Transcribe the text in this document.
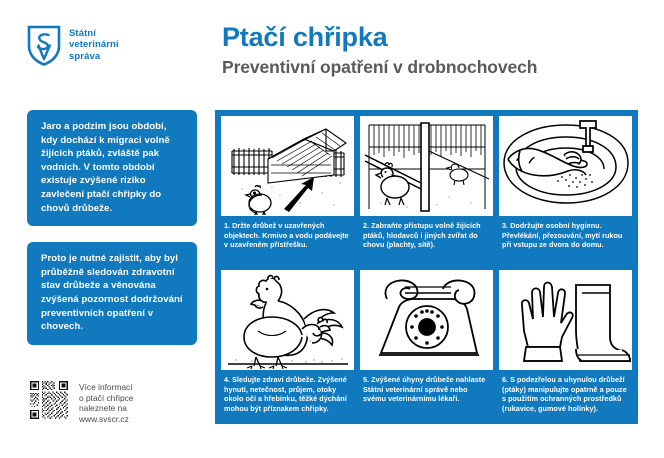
Státní
veterinární
správa

Ptačí chřipka

Preventivní opatření v drobnochovech

Jaro a podzim jsou období, kdy dochází k migraci volně žijících ptáků, zvláště pak vodních. V tomto období existuje zvýšené riziko zavlečení ptačí chřipky do chovů drůbeže.
Proto je nutné zajistit, aby byl průběžně sledován zdravotní stav drůbeže a věnována zvýšená pozornost dodržování preventivních opatření v chovech.
Více informací
o ptačí chřipce
naleznete na
www.svscr.cz
1. Držte drůbež v uzavřených objektech. Krmivo a vodu podávejte v uzavřeném přístřešku.
2. Zabraňte přístupu volně žijících ptáků, hlodavců i jiných zvířat do chovu (plachty, sítě).
3. Dodržujte osobní hygienu. Převlékání, přezouvání, mytí rukou při vstupu ze dvora do domu.
4. Sledujte zdraví drůbeže. Zvýšené hynutí, netečnost, průjem, otoky okolo očí a hřebínku, těžké dýchání mohou být příznakem chřipky.
5. Zvýšené úhyny drůbeže nahlaste Státní veterinární správě nebo svému veterinárnímu lékaři.
6. S podezřelou a uhynulou drůbeží (ptáky) manipulujte opatrně a pouze s použitím ochranných prostředků (rukavice, gumové holínky).
